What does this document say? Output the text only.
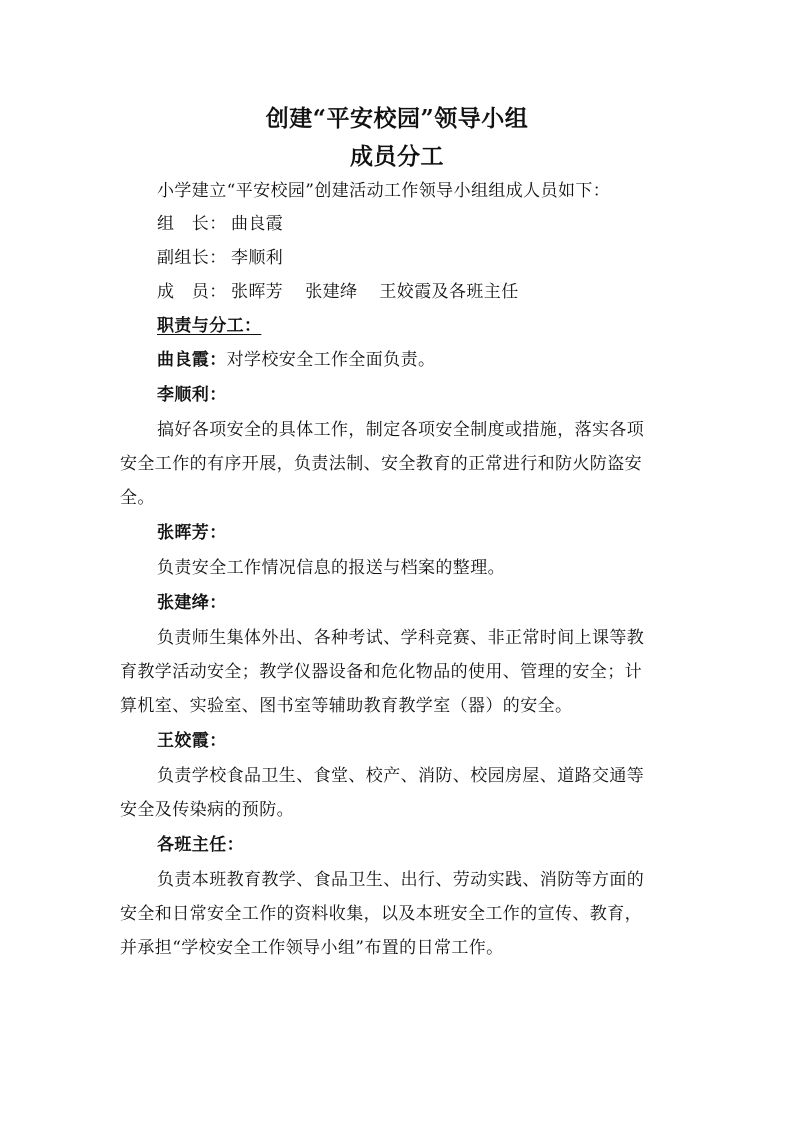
创建“平安校园”领导小组
成员分工
小学建立“平安校园”创建活动工作领导小组组成人员如下：
组　长： 曲良霞
副组长： 李顺利
成　员： 张晖芳 张建绛 王姣霞及各班主任
职责与分工：
曲良霞：对学校安全工作全面负责。
李顺利：
搞好各项安全的具体工作，制定各项安全制度或措施，落实各项
安全工作的有序开展，负责法制、安全教育的正常进行和防火防盗安
全。
张晖芳：
负责安全工作情况信息的报送与档案的整理。
张建绛：
负责师生集体外出、各种考试、学科竞赛、非正常时间上课等教
育教学活动安全；教学仪器设备和危化物品的使用、管理的安全；计
算机室、实验室、图书室等辅助教育教学室（器）的安全。
王姣霞：
负责学校食品卫生、食堂、校产、消防、校园房屋、道路交通等
安全及传染病的预防。
各班主任：
负责本班教育教学、食品卫生、出行、劳动实践、消防等方面的
安全和日常安全工作的资料收集，以及本班安全工作的宣传、教育，
并承担“学校安全工作领导小组”布置的日常工作。
